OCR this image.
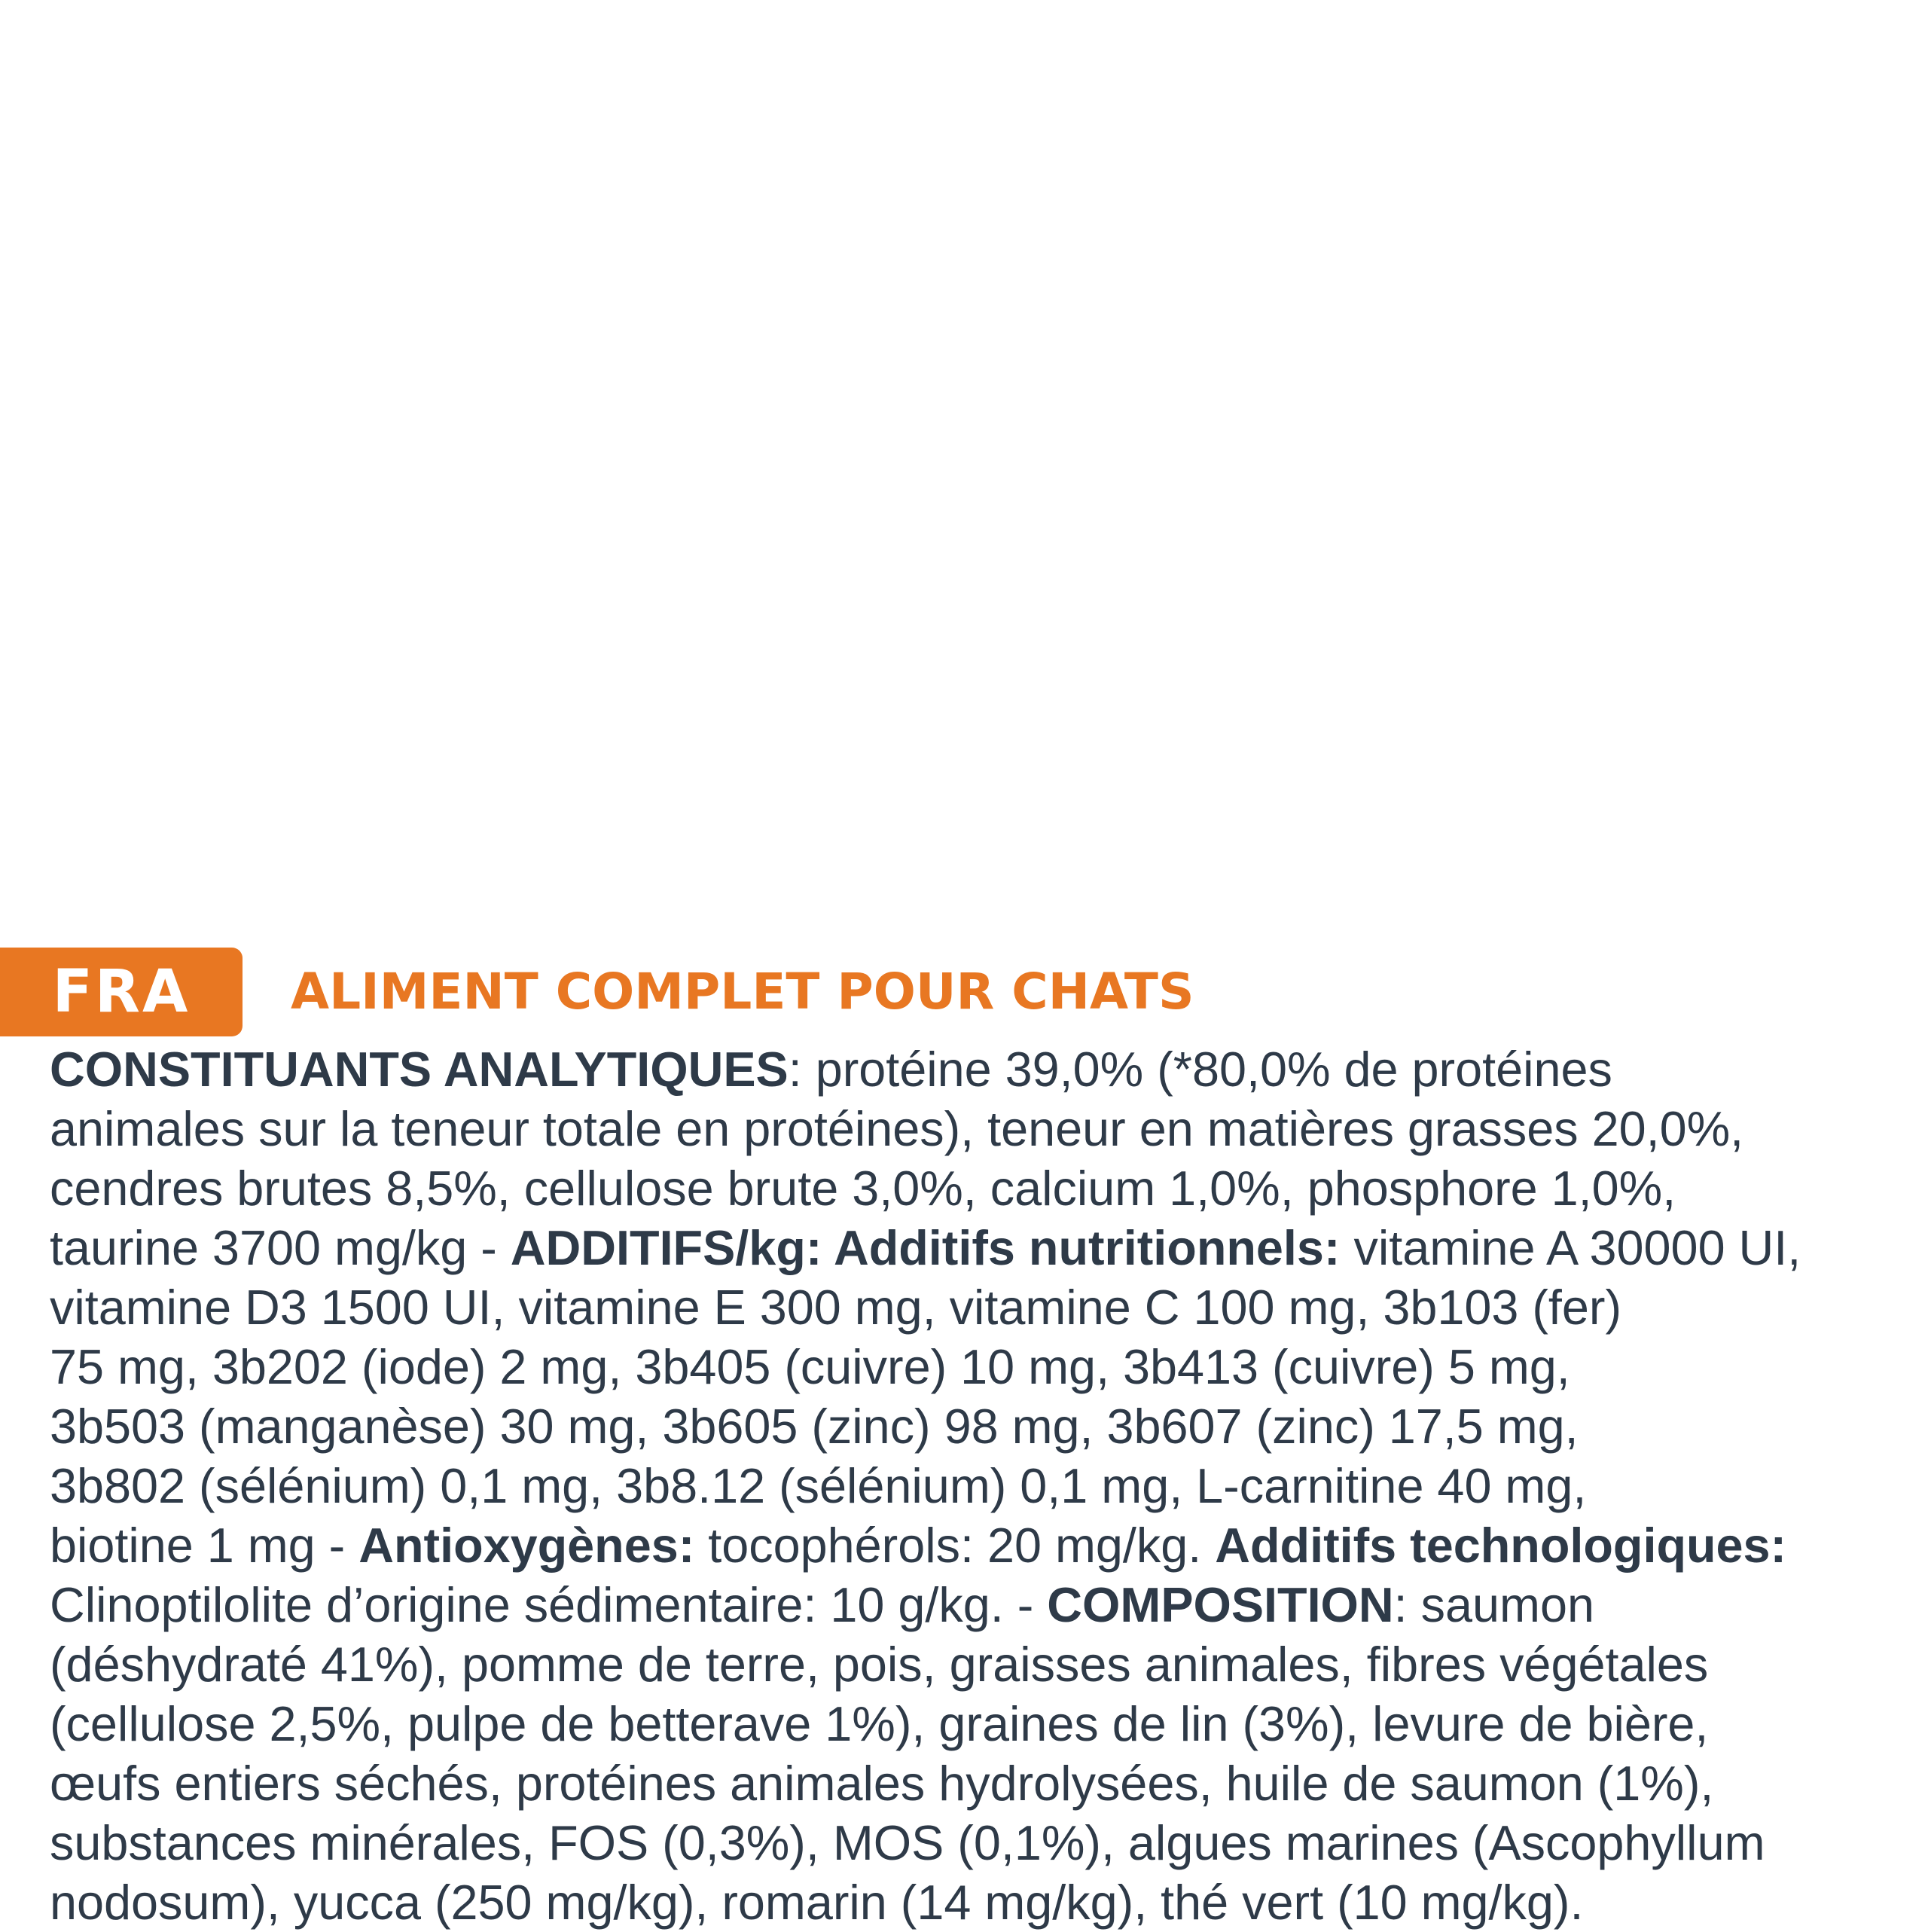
FRA	ALIMENT COMPLET POUR CHATS
CONSTITUANTS ANALYTIQUES: protéine 39,0% (*80,0% de protéines
animales sur la teneur totale en protéines), teneur en matières grasses 20,0%,
cendres brutes 8,5%, cellulose brute 3,0%, calcium 1,0%, phosphore 1,0%,
taurine 3700 mg/kg - ADDITIFS/kg: Additifs nutritionnels: vitamine A 30000 UI,
vitamine D3 1500 UI, vitamine E 300 mg, vitamine C 100 mg, 3b103 (fer)
75 mg, 3b202 (iode) 2 mg, 3b405 (cuivre) 10 mg, 3b413 (cuivre) 5 mg,
3b503 (manganèse) 30 mg, 3b605 (zinc) 98 mg, 3b607 (zinc) 17,5 mg,
3b802 (sélénium) 0,1 mg, 3b8.12 (sélénium) 0,1 mg, L-carnitine 40 mg,
biotine 1 mg - Antioxygènes: tocophérols: 20 mg/kg. Additifs technologiques:
Clinoptilolite d’origine sédimentaire: 10 g/kg. - COMPOSITION: saumon
(déshydraté 41%), pomme de terre, pois, graisses animales, fibres végétales
(cellulose 2,5%, pulpe de betterave 1%), graines de lin (3%), levure de bière,
œufs entiers séchés, protéines animales hydrolysées, huile de saumon (1%),
substances minérales, FOS (0,3%), MOS (0,1%), algues marines (Ascophyllum
nodosum), yucca (250 mg/kg), romarin (14 mg/kg), thé vert (10 mg/kg).
